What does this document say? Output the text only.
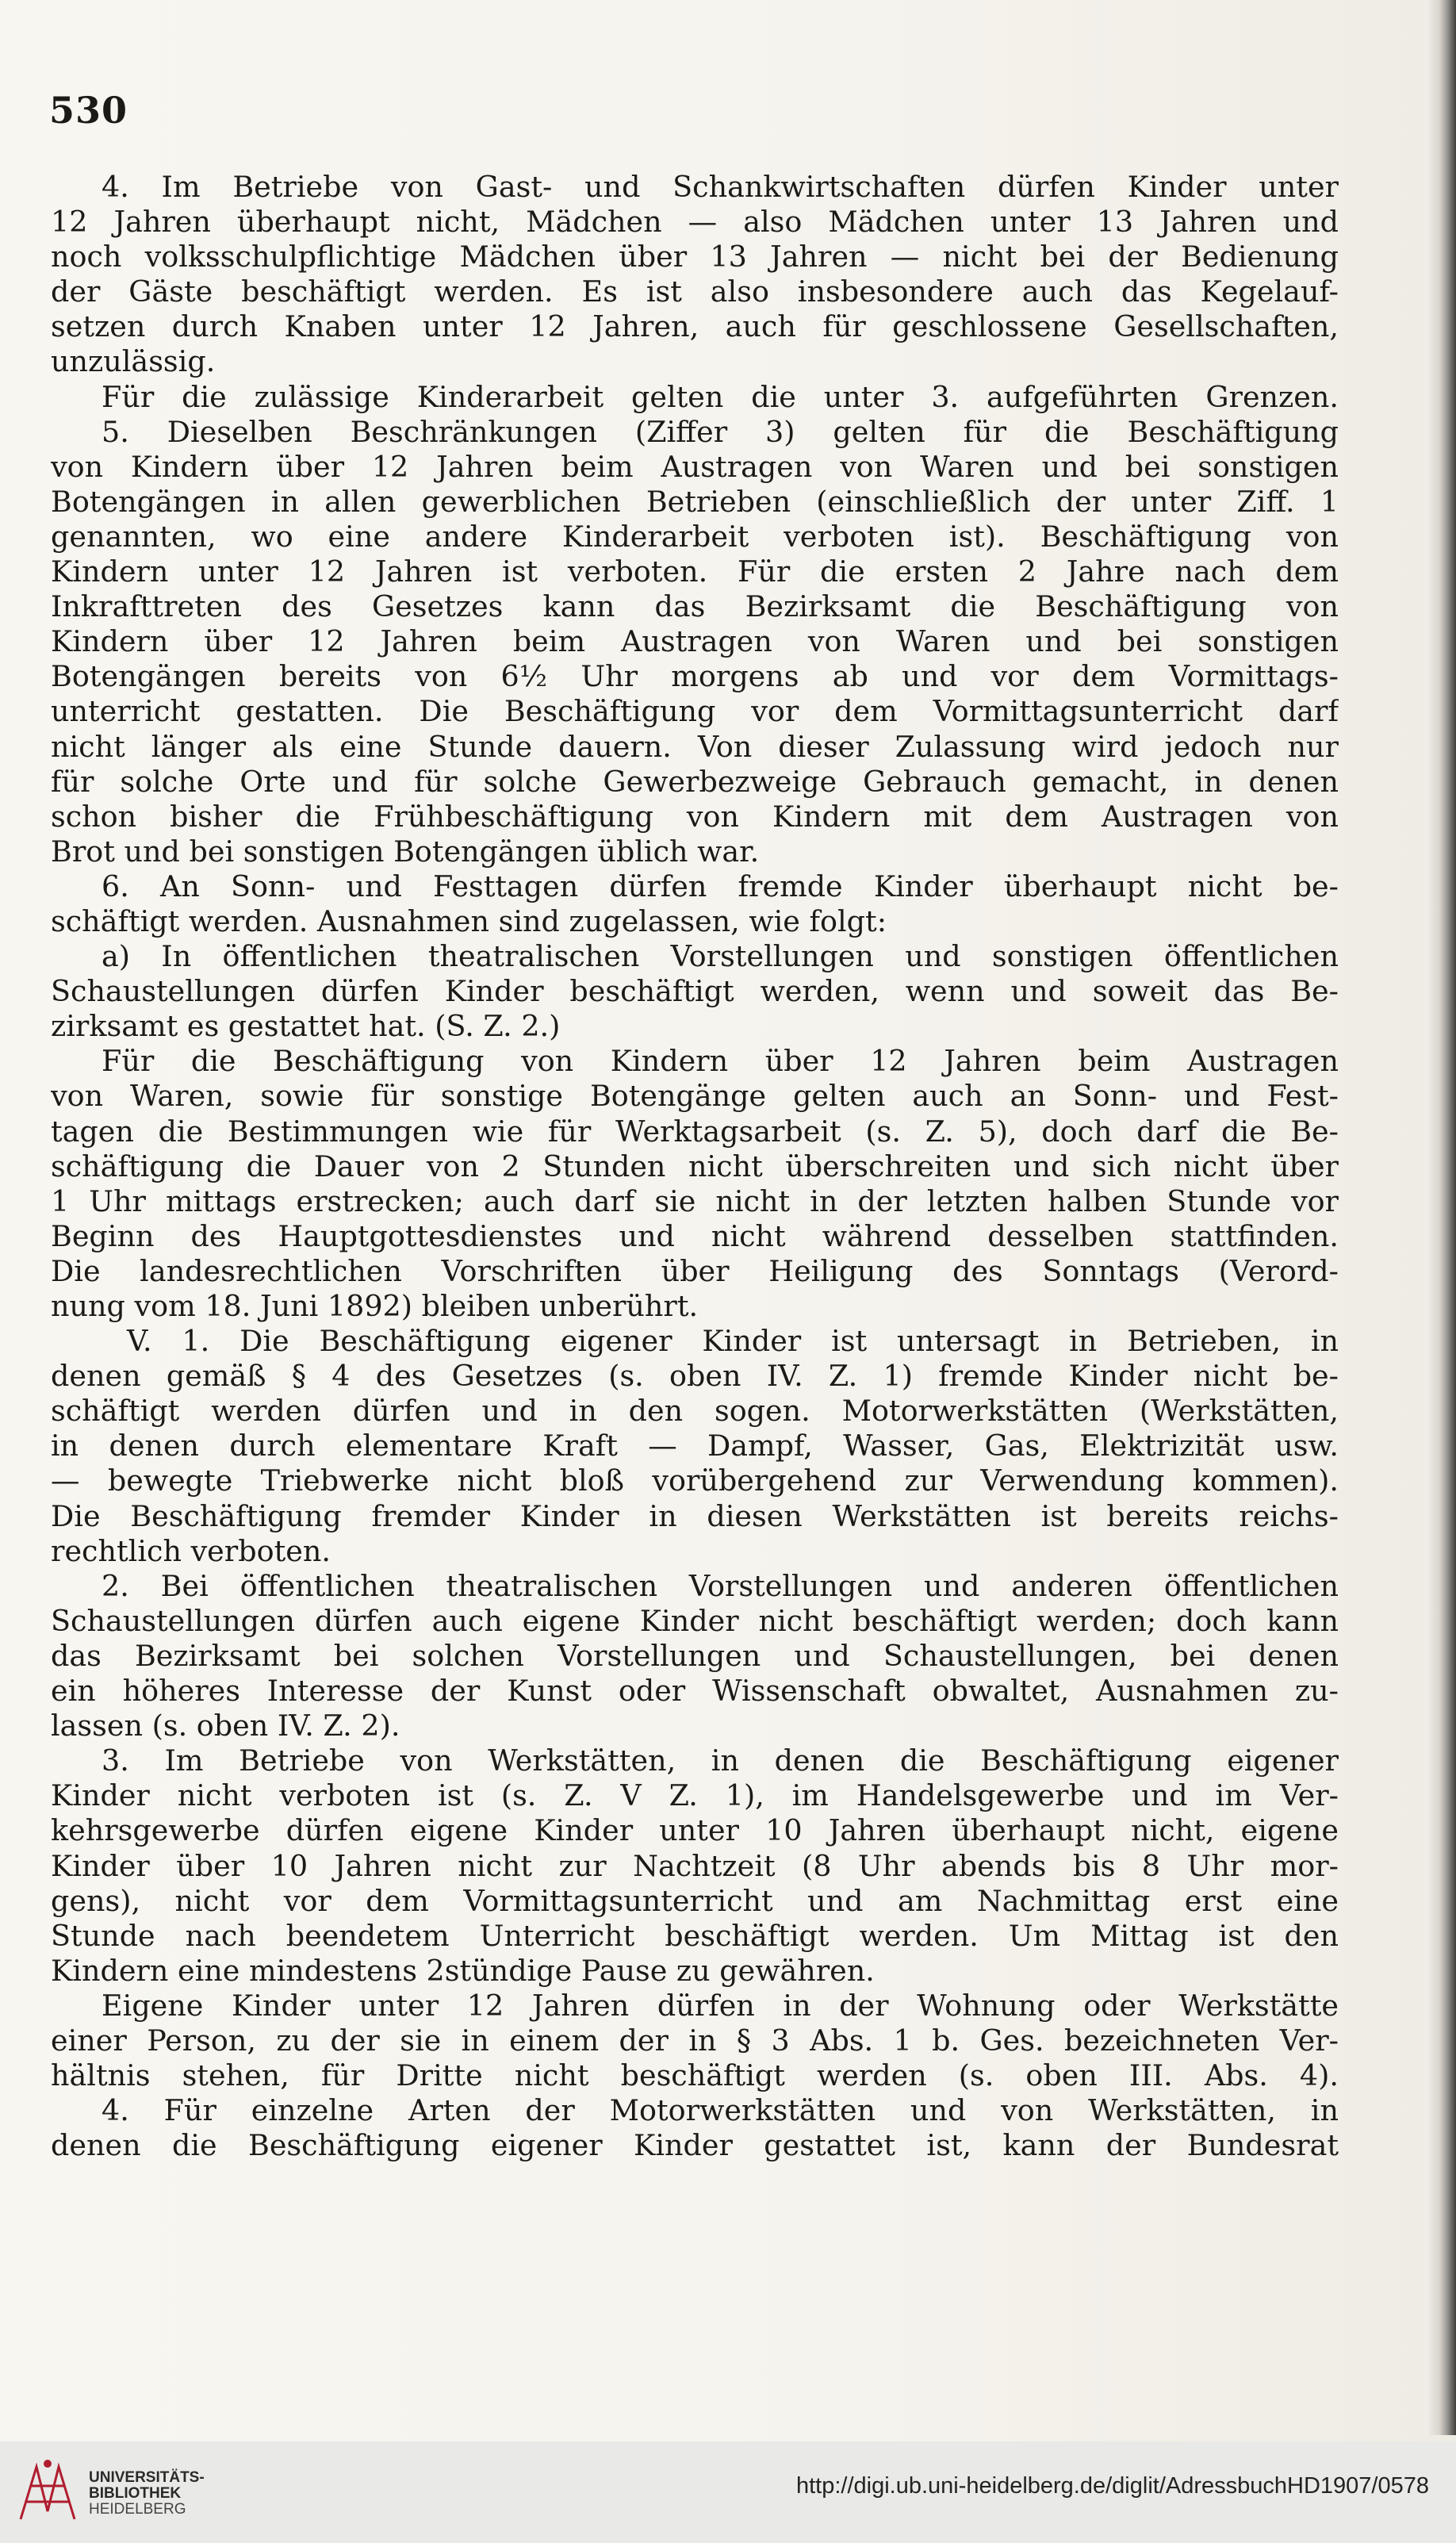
530
4. Im Betriebe von Gast- und Schankwirtschaften dürfen Kinder unter
12 Jahren überhaupt nicht, Mädchen — also Mädchen unter 13 Jahren und
noch volksschulpflichtige Mädchen über 13 Jahren — nicht bei der Bedienung
der Gäste beschäftigt werden. Es ist also insbesondere auch das Kegelauf-
setzen durch Knaben unter 12 Jahren, auch für geschlossene Gesellschaften,
unzulässig.
Für die zulässige Kinderarbeit gelten die unter 3. aufgeführten Grenzen.
5. Dieselben Beschränkungen (Ziffer 3) gelten für die Beschäftigung
von Kindern über 12 Jahren beim Austragen von Waren und bei sonstigen
Botengängen in allen gewerblichen Betrieben (einschließlich der unter Ziff. 1
genannten, wo eine andere Kinderarbeit verboten ist). Beschäftigung von
Kindern unter 12 Jahren ist verboten. Für die ersten 2 Jahre nach dem
Inkrafttreten des Gesetzes kann das Bezirksamt die Beschäftigung von
Kindern über 12 Jahren beim Austragen von Waren und bei sonstigen
Botengängen bereits von 6½ Uhr morgens ab und vor dem Vormittags-
unterricht gestatten. Die Beschäftigung vor dem Vormittagsunterricht darf
nicht länger als eine Stunde dauern. Von dieser Zulassung wird jedoch nur
für solche Orte und für solche Gewerbezweige Gebrauch gemacht, in denen
schon bisher die Frühbeschäftigung von Kindern mit dem Austragen von
Brot und bei sonstigen Botengängen üblich war.
6. An Sonn- und Festtagen dürfen fremde Kinder überhaupt nicht be-
schäftigt werden. Ausnahmen sind zugelassen, wie folgt:
a) In öffentlichen theatralischen Vorstellungen und sonstigen öffentlichen
Schaustellungen dürfen Kinder beschäftigt werden, wenn und soweit das Be-
zirksamt es gestattet hat. (S. Z. 2.)
Für die Beschäftigung von Kindern über 12 Jahren beim Austragen
von Waren, sowie für sonstige Botengänge gelten auch an Sonn- und Fest-
tagen die Bestimmungen wie für Werktagsarbeit (s. Z. 5), doch darf die Be-
schäftigung die Dauer von 2 Stunden nicht überschreiten und sich nicht über
1 Uhr mittags erstrecken; auch darf sie nicht in der letzten halben Stunde vor
Beginn des Hauptgottesdienstes und nicht während desselben stattfinden.
Die landesrechtlichen Vorschriften über Heiligung des Sonntags (Verord-
nung vom 18. Juni 1892) bleiben unberührt.
V. 1. Die Beschäftigung eigener Kinder ist untersagt in Betrieben, in
denen gemäß § 4 des Gesetzes (s. oben IV. Z. 1) fremde Kinder nicht be-
schäftigt werden dürfen und in den sogen. Motorwerkstätten (Werkstätten,
in denen durch elementare Kraft — Dampf, Wasser, Gas, Elektrizität usw.
— bewegte Triebwerke nicht bloß vorübergehend zur Verwendung kommen).
Die Beschäftigung fremder Kinder in diesen Werkstätten ist bereits reichs-
rechtlich verboten.
2. Bei öffentlichen theatralischen Vorstellungen und anderen öffentlichen
Schaustellungen dürfen auch eigene Kinder nicht beschäftigt werden; doch kann
das Bezirksamt bei solchen Vorstellungen und Schaustellungen, bei denen
ein höheres Interesse der Kunst oder Wissenschaft obwaltet, Ausnahmen zu-
lassen (s. oben IV. Z. 2).
3. Im Betriebe von Werkstätten, in denen die Beschäftigung eigener
Kinder nicht verboten ist (s. Z. V Z. 1), im Handelsgewerbe und im Ver-
kehrsgewerbe dürfen eigene Kinder unter 10 Jahren überhaupt nicht, eigene
Kinder über 10 Jahren nicht zur Nachtzeit (8 Uhr abends bis 8 Uhr mor-
gens), nicht vor dem Vormittagsunterricht und am Nachmittag erst eine
Stunde nach beendetem Unterricht beschäftigt werden. Um Mittag ist den
Kindern eine mindestens 2stündige Pause zu gewähren.
Eigene Kinder unter 12 Jahren dürfen in der Wohnung oder Werkstätte
einer Person, zu der sie in einem der in § 3 Abs. 1 b. Ges. bezeichneten Ver-
hältnis stehen, für Dritte nicht beschäftigt werden (s. oben III. Abs. 4).
4. Für einzelne Arten der Motorwerkstätten und von Werkstätten, in
denen die Beschäftigung eigener Kinder gestattet ist, kann der Bundesrat
UNIVERSITÄTS-
BIBLIOTHEK
HEIDELBERG
http://digi.ub.uni-heidelberg.de/diglit/AdressbuchHD1907/0578
